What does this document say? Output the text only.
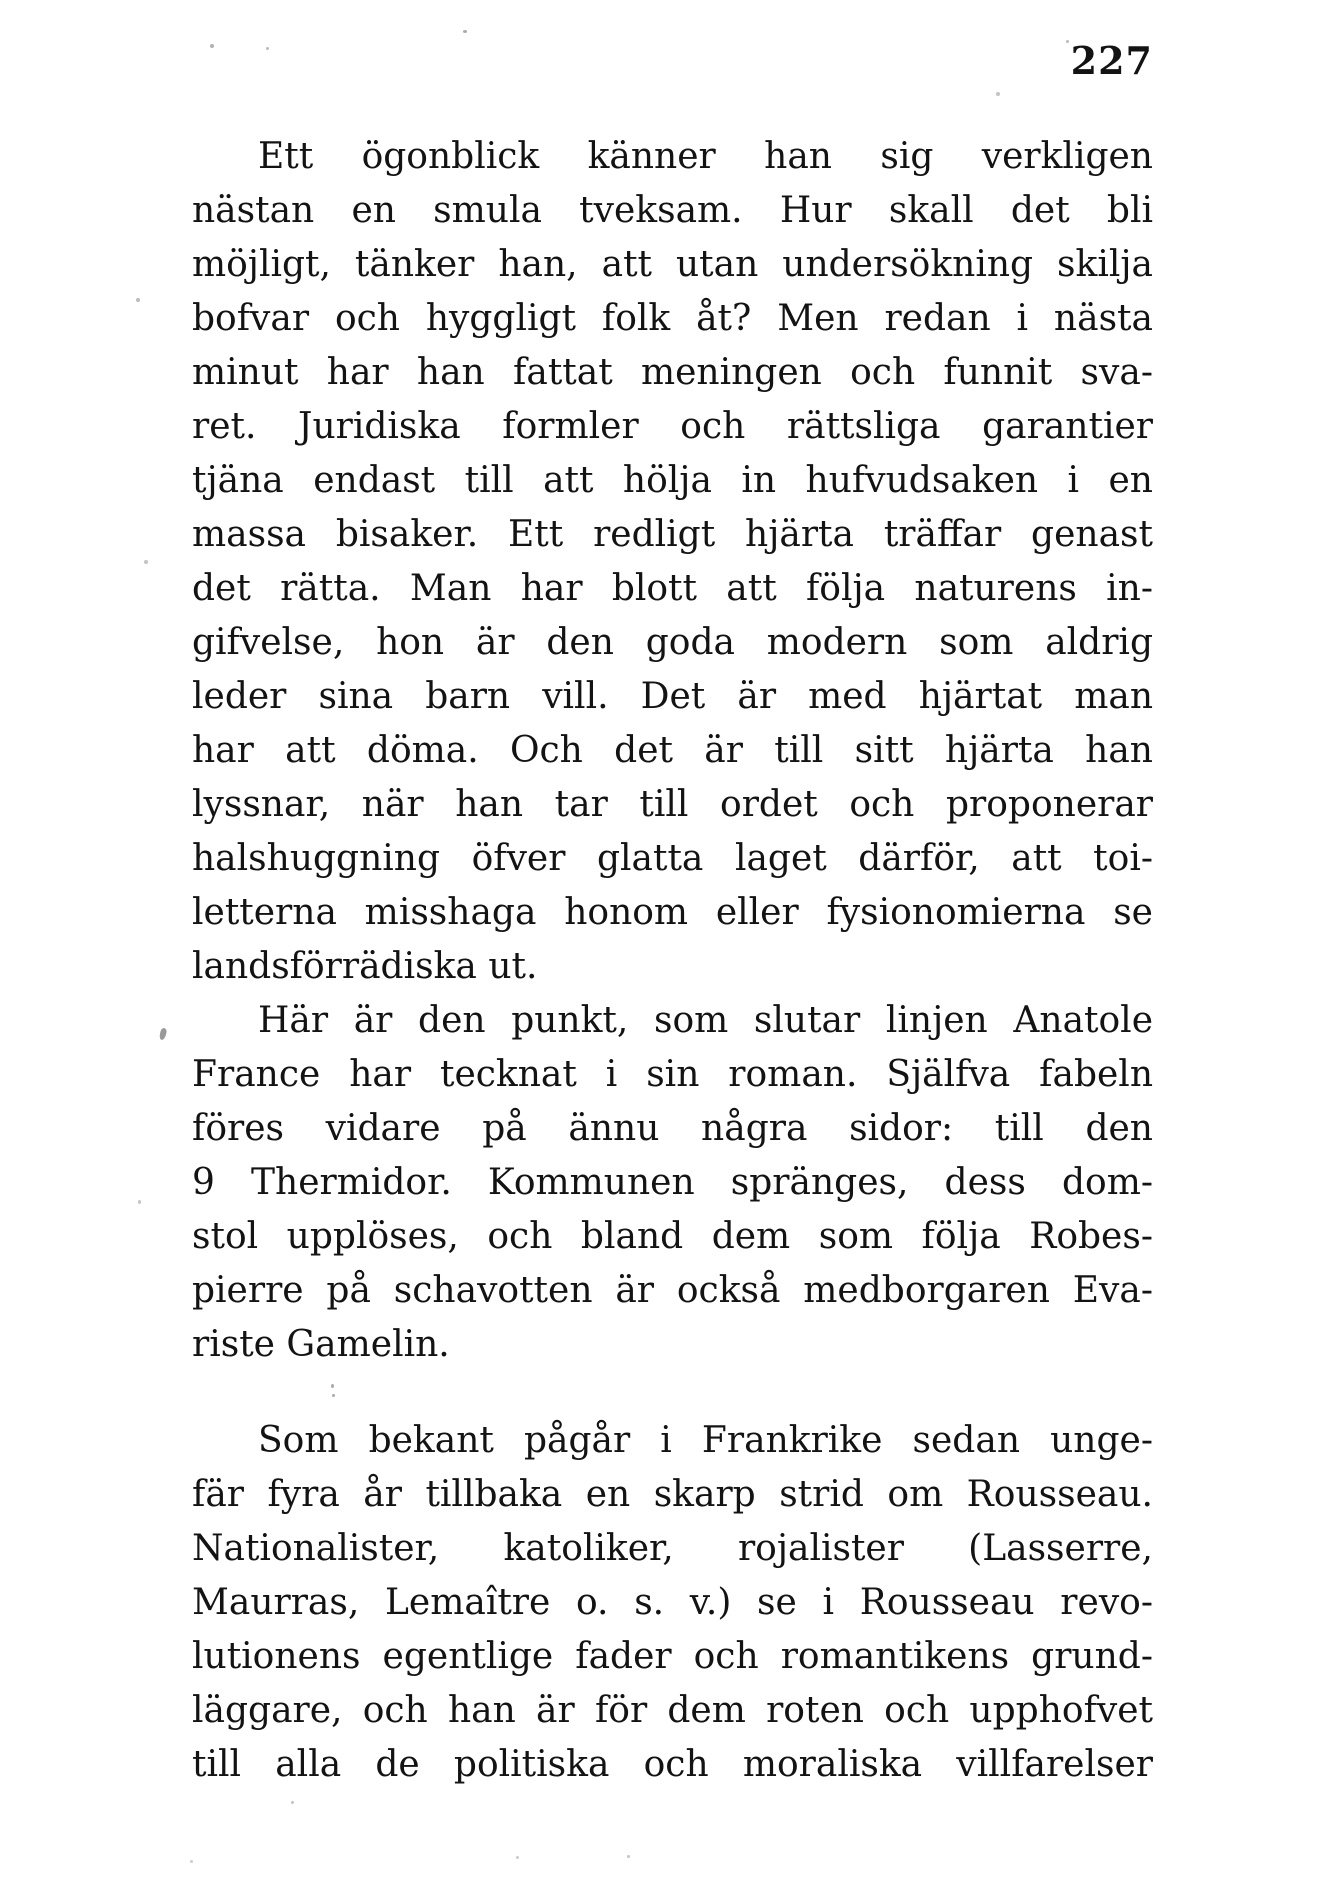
227
Ett ögonblick känner han sig verkligen
nästan en smula tveksam. Hur skall det bli
möjligt, tänker han, att utan undersökning skilja
bofvar och hyggligt folk åt? Men redan i nästa
minut har han fattat meningen och funnit sva-
ret. Juridiska formler och rättsliga garantier
tjäna endast till att hölja in hufvudsaken i en
massa bisaker. Ett redligt hjärta träffar genast
det rätta. Man har blott att följa naturens in-
gifvelse, hon är den goda modern som aldrig
leder sina barn vill. Det är med hjärtat man
har att döma. Och det är till sitt hjärta han
lyssnar, när han tar till ordet och proponerar
halshuggning öfver glatta laget därför, att toi-
letterna misshaga honom eller fysionomierna se
landsförrädiska ut.
Här är den punkt, som slutar linjen Anatole
France har tecknat i sin roman. Själfva fabeln
föres vidare på ännu några sidor: till den
9 Thermidor. Kommunen spränges, dess dom-
stol upplöses, och bland dem som följa Robes-
pierre på schavotten är också medborgaren Eva-
riste Gamelin.
Som bekant pågår i Frankrike sedan unge-
fär fyra år tillbaka en skarp strid om Rousseau.
Nationalister, katoliker, rojalister (Lasserre,
Maurras, Lemaître o. s. v.) se i Rousseau revo-
lutionens egentlige fader och romantikens grund-
läggare, och han är för dem roten och upphofvet
till alla de politiska och moraliska villfarelser
